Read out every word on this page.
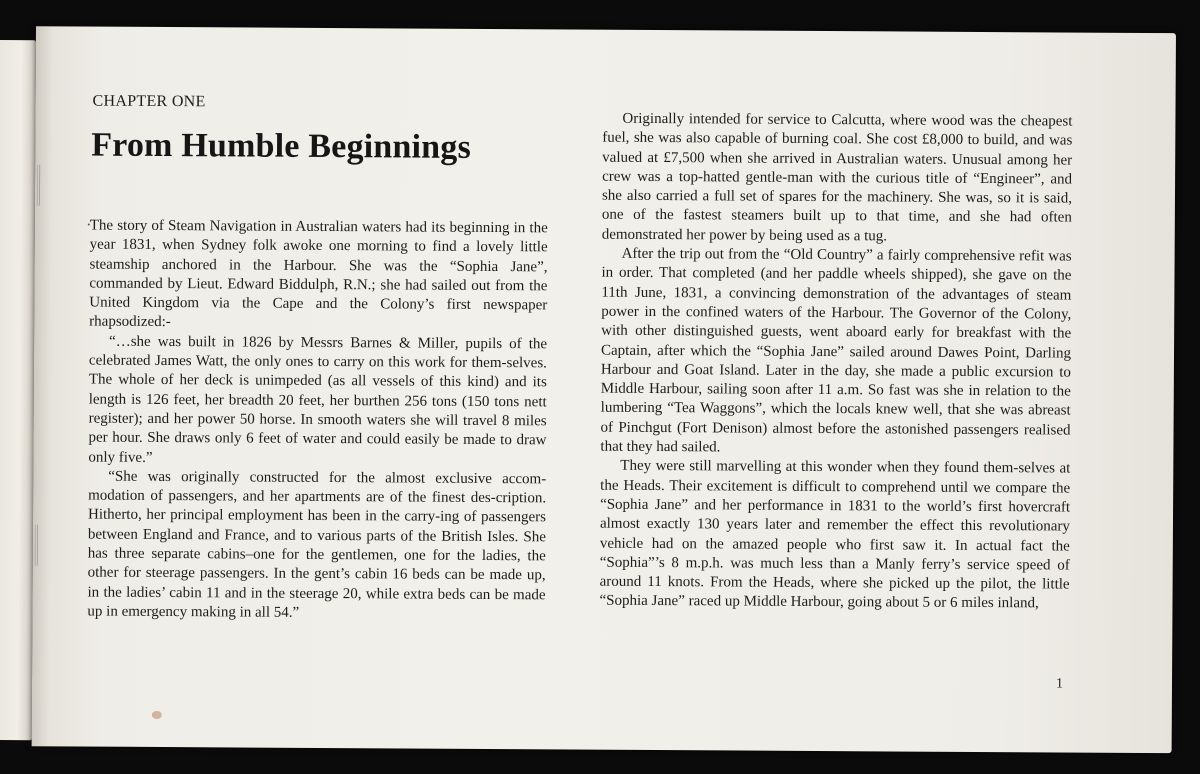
CHAPTER ONE
From Humble Beginnings

The story of Steam Navigation in Australian waters had its beginning in the year 1831, when Sydney folk awoke one morning to find a lovely little steamship anchored in the Harbour. She was the “Sophia Jane”, commanded by Lieut. Edward Biddulph, R.N.; she had sailed out from the United Kingdom via the Cape and the Colony’s first newspaper rhapsodized:-

“…she was built in 1826 by Messrs Barnes & Miller, pupils of the celebrated James Watt, the only ones to carry on this work for them-selves. The whole of her deck is unimpeded (as all vessels of this kind) and its length is 126 feet, her breadth 20 feet, her burthen 256 tons (150 tons nett register); and her power 50 horse. In smooth waters she will travel 8 miles per hour. She draws only 6 feet of water and could easily be made to draw only five.”

“She was originally constructed for the almost exclusive accom-modation of passengers, and her apartments are of the finest des-cription. Hitherto, her principal employment has been in the carry-ing of passengers between England and France, and to various parts of the British Isles. She has three separate cabins–one for the gentlemen, one for the ladies, the other for steerage passengers. In the gent’s cabin 16 beds can be made up, in the ladies’ cabin 11 and in the steerage 20, while extra beds can be made up in emergency making in all 54.”

Originally intended for service to Calcutta, where wood was the cheapest fuel, she was also capable of burning coal. She cost £8,000 to build, and was valued at £7,500 when she arrived in Australian waters. Unusual among her crew was a top-hatted gentle-man with the curious title of “Engineer”, and she also carried a full set of spares for the machinery. She was, so it is said, one of the fastest steamers built up to that time, and she had often demonstrated her power by being used as a tug.

After the trip out from the “Old Country” a fairly comprehensive refit was in order. That completed (and her paddle wheels shipped), she gave on the 11th June, 1831, a convincing demonstration of the advantages of steam power in the confined waters of the Harbour. The Governor of the Colony, with other distinguished guests, went aboard early for breakfast with the Captain, after which the “Sophia Jane” sailed around Dawes Point, Darling Harbour and Goat Island. Later in the day, she made a public excursion to Middle Harbour, sailing soon after 11 a.m. So fast was she in relation to the lumbering “Tea Waggons”, which the locals knew well, that she was abreast of Pinchgut (Fort Denison) almost before the astonished passengers realised that they had sailed.

They were still marvelling at this wonder when they found them-selves at the Heads. Their excitement is difficult to comprehend until we compare the “Sophia Jane” and her performance in 1831 to the world’s first hovercraft almost exactly 130 years later and remember the effect this revolutionary vehicle had on the amazed people who first saw it. In actual fact the “Sophia”’s 8 m.p.h. was much less than a Manly ferry’s service speed of around 11 knots. From the Heads, where she picked up the pilot, the little “Sophia Jane” raced up Middle Harbour, going about 5 or 6 miles inland,

1
